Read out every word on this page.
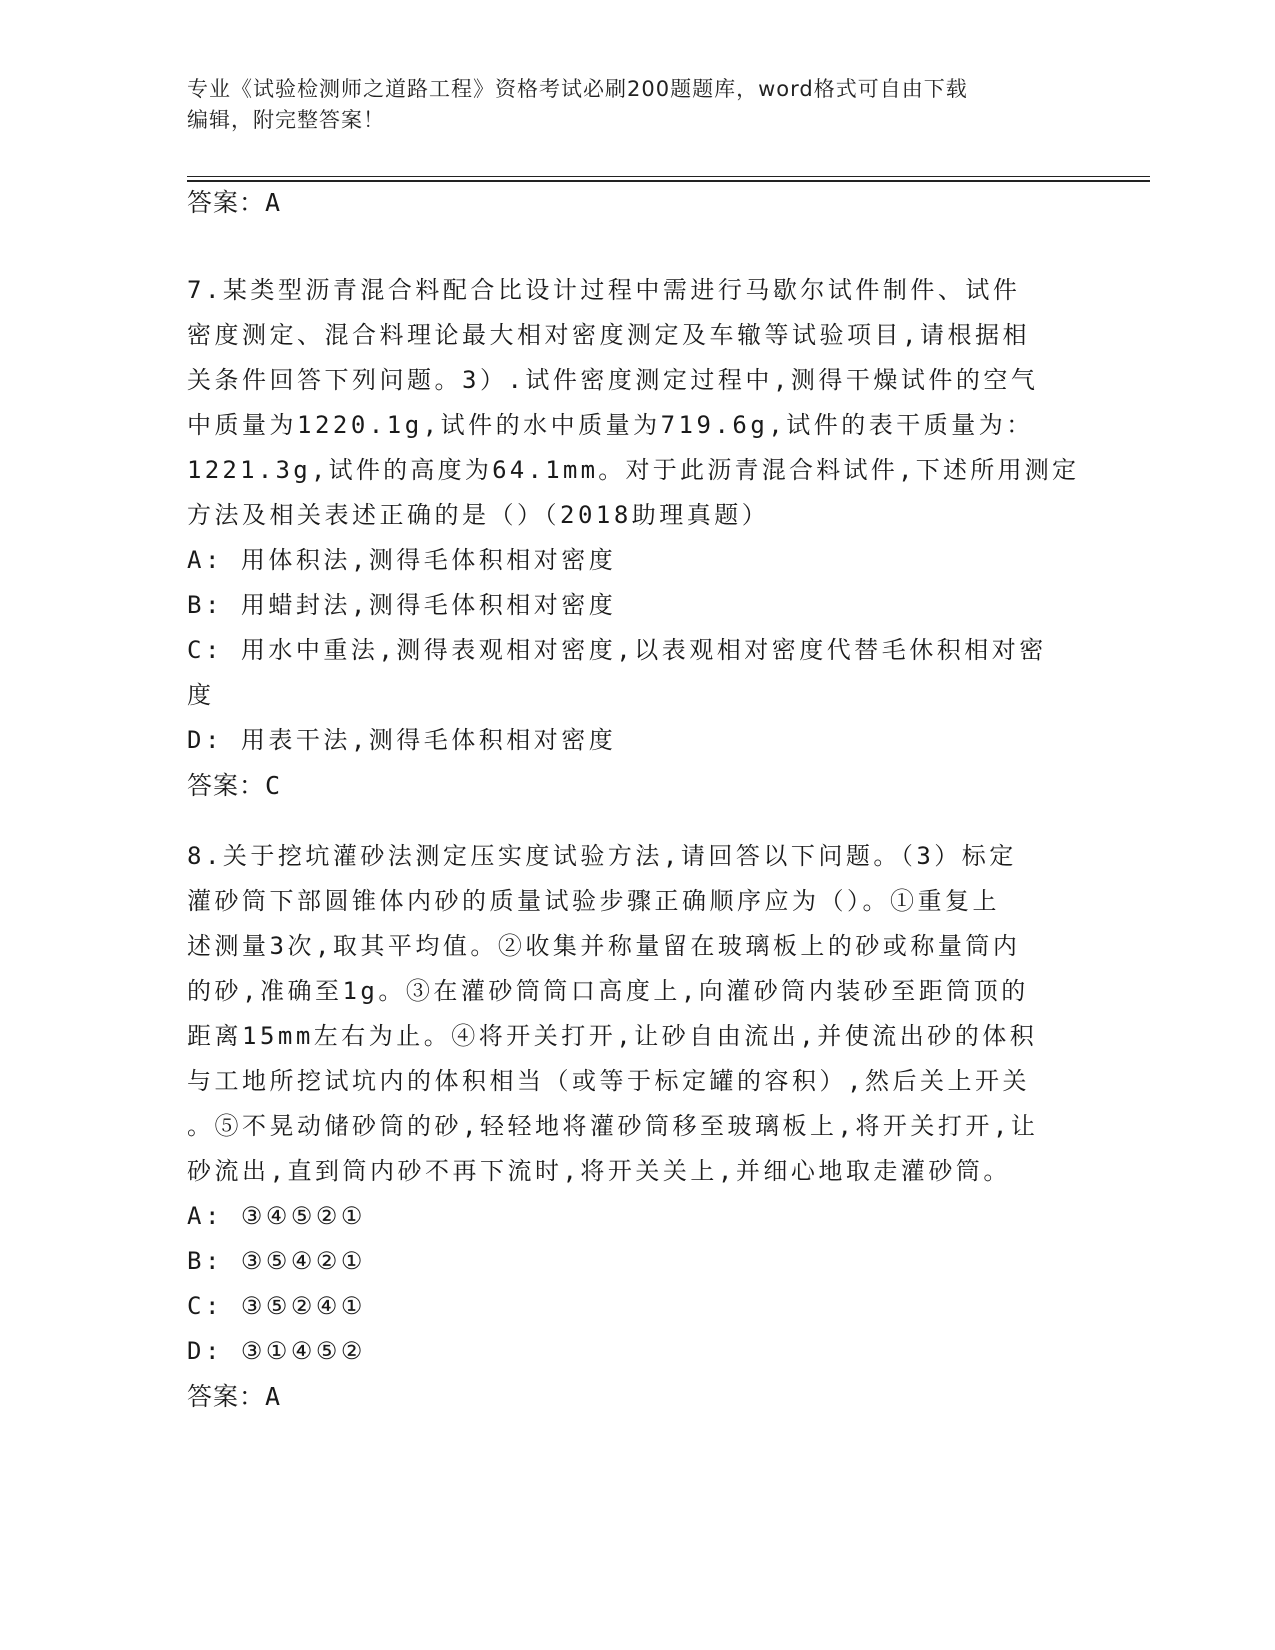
专业《试验检测师之道路工程》资格考试必刷200题题库，word格式可自由下载
编辑，附完整答案！
答案：A
7.某类型沥青混合料配合比设计过程中需进行马歇尔试件制件、试件
密度测定、混合料理论最大相对密度测定及车辙等试验项目,请根据相
关条件回答下列问题。3）.试件密度测定过程中,测得干燥试件的空气
中质量为1220.1g,试件的水中质量为719.6g,试件的表干质量为：
1221.3g,试件的高度为64.1mm。对于此沥青混合料试件,下述所用测定
方法及相关表述正确的是（）（2018助理真题）
A: 用体积法,测得毛体积相对密度
B: 用蜡封法,测得毛体积相对密度
C: 用水中重法,测得表观相对密度,以表观相对密度代替毛休积相对密
度
D: 用表干法,测得毛体积相对密度
答案：C
8.关于挖坑灌砂法测定压实度试验方法,请回答以下问题。（3）标定
灌砂筒下部圆锥体内砂的质量试验步骤正确顺序应为（）。①重复上
述测量3次,取其平均值。②收集并称量留在玻璃板上的砂或称量筒内
的砂,准确至1g。③在灌砂筒筒口高度上,向灌砂筒内装砂至距筒顶的
距离15mm左右为止。④将开关打开,让砂自由流出,并使流出砂的体积
与工地所挖试坑内的体积相当（或等于标定罐的容积）,然后关上开关
。⑤不晃动储砂筒的砂,轻轻地将灌砂筒移至玻璃板上,将开关打开,让
砂流出,直到筒内砂不再下流时,将开关关上,并细心地取走灌砂筒。
A: ③④⑤②①
B: ③⑤④②①
C: ③⑤②④①
D: ③①④⑤②
答案：A
